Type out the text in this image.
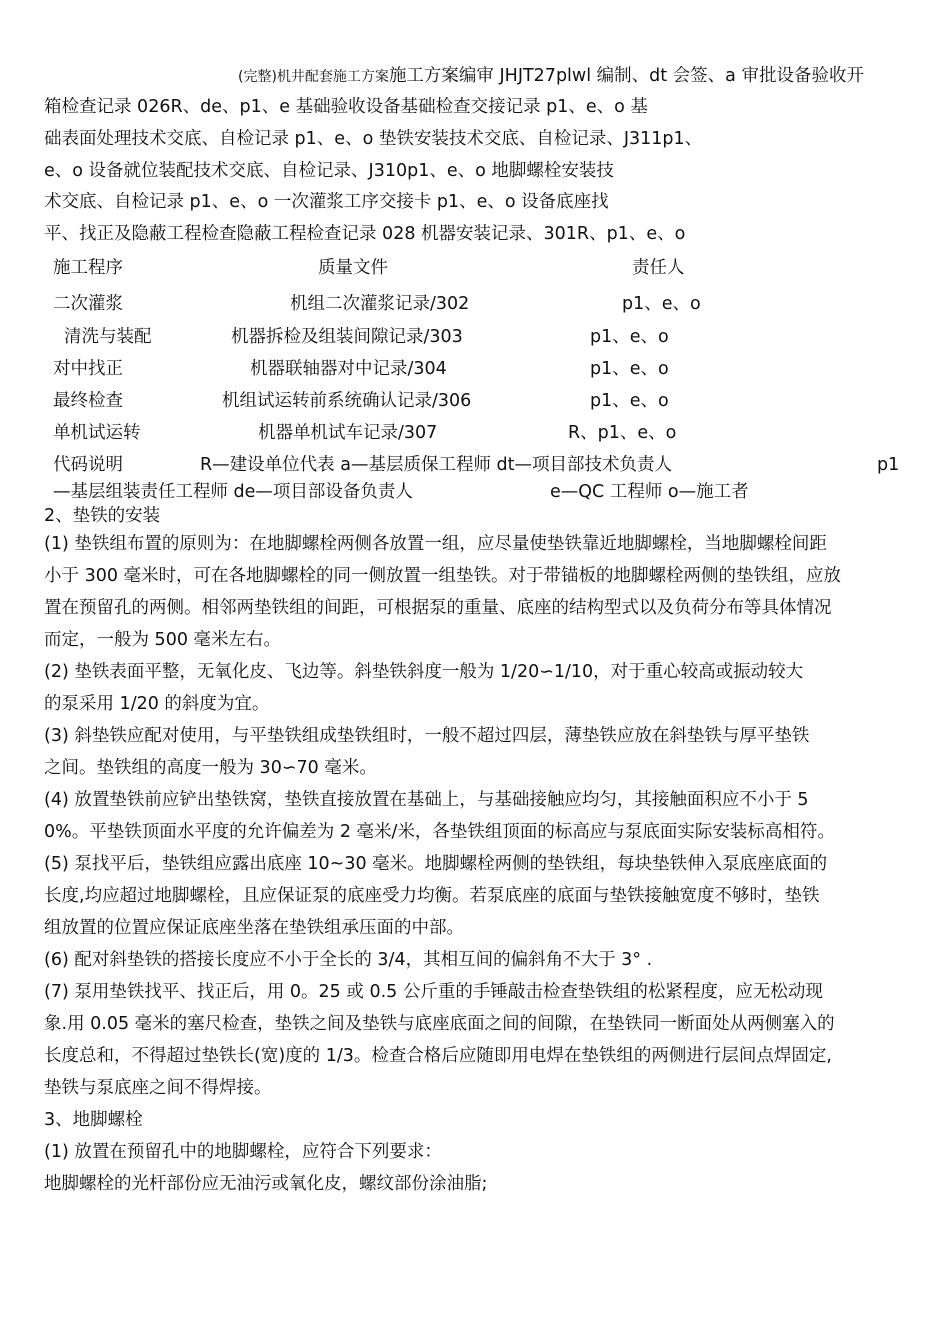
(完整)机井配套施工方案施工方案编审 JHJT27plwl 编制、dt 会签、a 审批设备验收开
箱检查记录 026R、de、p1、e 基础验收设备基础检查交接记录 p1、e、o 基
础表面处理技术交底、自检记录 p1、e、o 垫铁安装技术交底、自检记录、J311p1、
e、o 设备就位装配技术交底、自检记录、J310p1、e、o 地脚螺栓安装技
术交底、自检记录 p1、e、o 一次灌浆工序交接卡 p1、e、o 设备底座找
平、找正及隐蔽工程检查隐蔽工程检查记录 028 机器安装记录、301R、p1、e、o
施工程序	质量文件	责任人
二次灌浆	机组二次灌浆记录/302	p1、e、o
清洗与装配	机器拆检及组装间隙记录/303	p1、e、o
对中找正	机器联轴器对中记录/304	p1、e、o
最终检查	机组试运转前系统确认记录/306	p1、e、o
单机试运转	机器单机试车记录/307	R、p1、e、o
代码说明	R—建设单位代表 a—基层质保工程师 dt—项目部技术负责人	p1
—基层组装责任工程师 de—项目部设备负责人	e—QC 工程师 o—施工者
2、垫铁的安装
(1) 垫铁组布置的原则为：在地脚螺栓两侧各放置一组，应尽量使垫铁靠近地脚螺栓，当地脚螺栓间距
小于 300 毫米时，可在各地脚螺栓的同一侧放置一组垫铁。对于带锚板的地脚螺栓两侧的垫铁组，应放
置在预留孔的两侧。相邻两垫铁组的间距，可根据泵的重量、底座的结构型式以及负荷分布等具体情况
而定，一般为 500 毫米左右。
(2) 垫铁表面平整，无氧化皮、飞边等。斜垫铁斜度一般为 1/20∽1/10，对于重心较高或振动较大
的泵采用 1/20 的斜度为宜。
(3) 斜垫铁应配对使用，与平垫铁组成垫铁组时，一般不超过四层，薄垫铁应放在斜垫铁与厚平垫铁
之间。垫铁组的高度一般为 30∽70 毫米。
(4) 放置垫铁前应铲出垫铁窝，垫铁直接放置在基础上，与基础接触应均匀，其接触面积应不小于 5
0%。平垫铁顶面水平度的允许偏差为 2 毫米/米，各垫铁组顶面的标高应与泵底面实际安装标高相符。
(5) 泵找平后，垫铁组应露出底座 10~30 毫米。地脚螺栓两侧的垫铁组，每块垫铁伸入泵底座底面的
长度,均应超过地脚螺栓，且应保证泵的底座受力均衡。若泵底座的底面与垫铁接触宽度不够时，垫铁
组放置的位置应保证底座坐落在垫铁组承压面的中部。
(6) 配对斜垫铁的搭接长度应不小于全长的 3/4，其相互间的偏斜角不大于 3° .
(7) 泵用垫铁找平、找正后，用 0。25 或 0.5 公斤重的手锤敲击检查垫铁组的松紧程度，应无松动现
象.用 0.05 毫米的塞尺检查，垫铁之间及垫铁与底座底面之间的间隙，在垫铁同一断面处从两侧塞入的
长度总和，不得超过垫铁长(宽)度的 1/3。检查合格后应随即用电焊在垫铁组的两侧进行层间点焊固定,
垫铁与泵底座之间不得焊接。
3、地脚螺栓
(1) 放置在预留孔中的地脚螺栓，应符合下列要求：
地脚螺栓的光杆部份应无油污或氧化皮，螺纹部份涂油脂;
